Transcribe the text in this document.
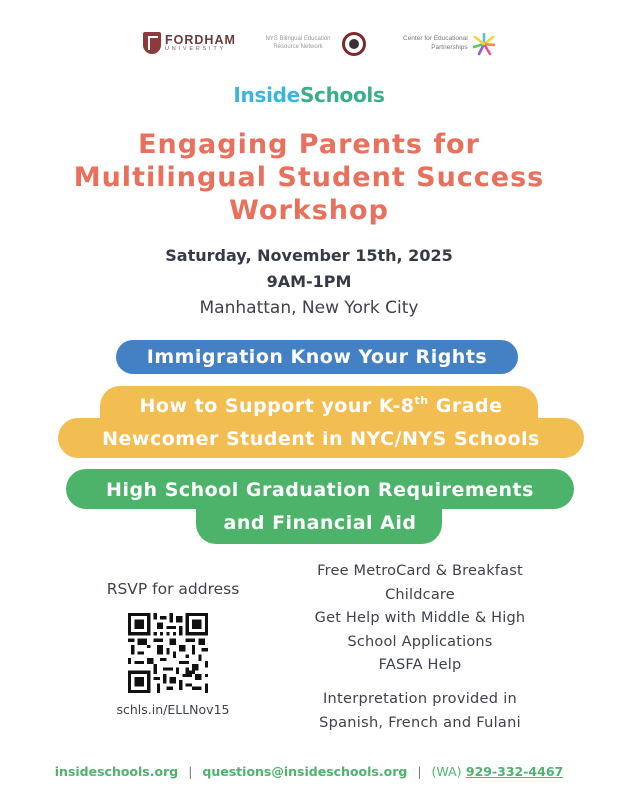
FORDHAM
UNIVERSITY
NYS Bilingual Education Resource Network
Center for Educational
Partnerships
InsideSchools
Engaging Parents for
Multilingual Student Success
Workshop
Saturday, November 15th, 2025
9AM-1PM
Manhattan, New York City
Immigration Know Your Rights
How to Support your K-8th Grade
Newcomer Student in NYC/NYS Schools
High School Graduation Requirements
and Financial Aid
RSVP for address
schls.in/ELLNov15
Free MetroCard & Breakfast
Childcare
Get Help with Middle & High
School Applications
FASFA Help
Interpretation provided in
Spanish, French and Fulani
insideschools.org | questions@insideschools.org | (WA) 929-332-4467
